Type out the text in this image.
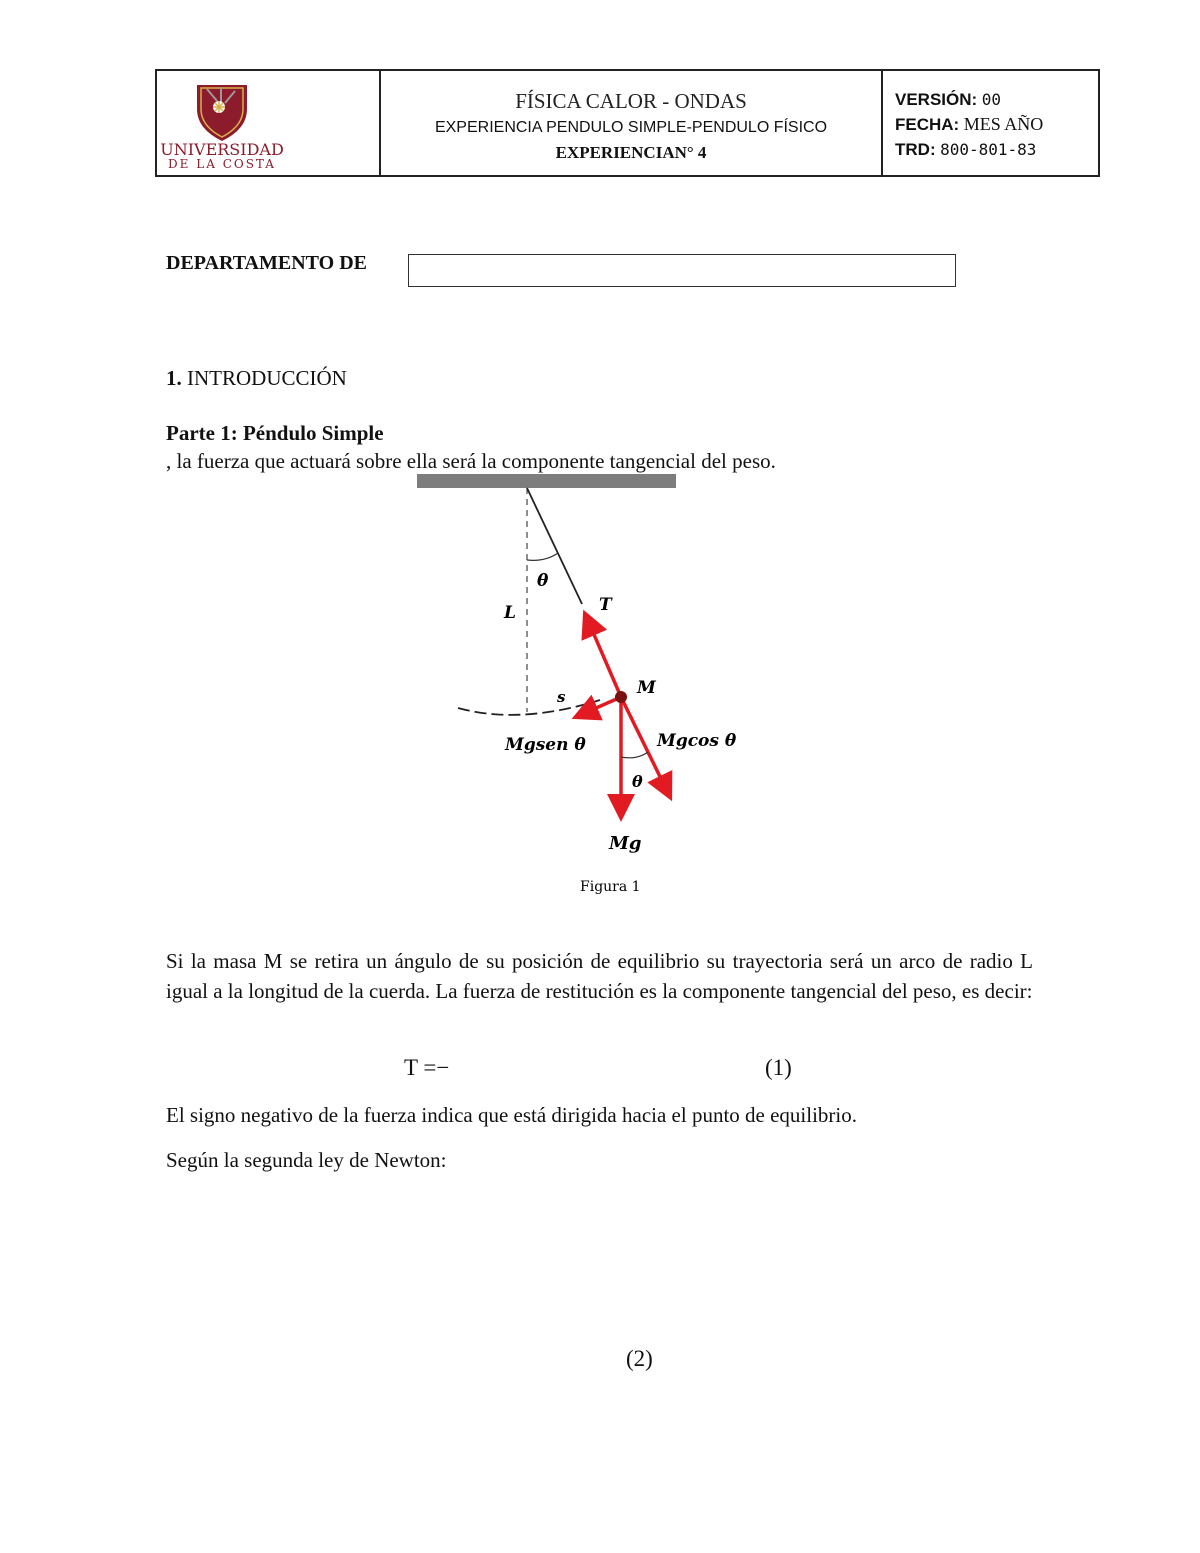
UNIVERSIDAD
DE LA COSTA
FÍSICA CALOR - ONDAS
EXPERIENCIA PENDULO SIMPLE-PENDULO FÍSICO
EXPERIENCIAN° 4
VERSIÓN: 00
FECHA: MES AÑO
TRD: 800-801-83
DEPARTAMENTO DE
1. INTRODUCCIÓN
Parte 1: Péndulo Simple
, la fuerza que actuará sobre ella será la componente tangencial del peso.
θ
L	T
M
s
Mgsen θ	Mgcos θ
θ
Mg
Figura 1
Si la masa M se retira un ángulo de su posición de equilibrio su trayectoria será un arco de radio L igual a la longitud de la cuerda. La fuerza de restitución es la componente tangencial del peso, es decir:
T =−	(1)
El signo negativo de la fuerza indica que está dirigida hacia el punto de equilibrio.
Según la segunda ley de Newton:
(2)
